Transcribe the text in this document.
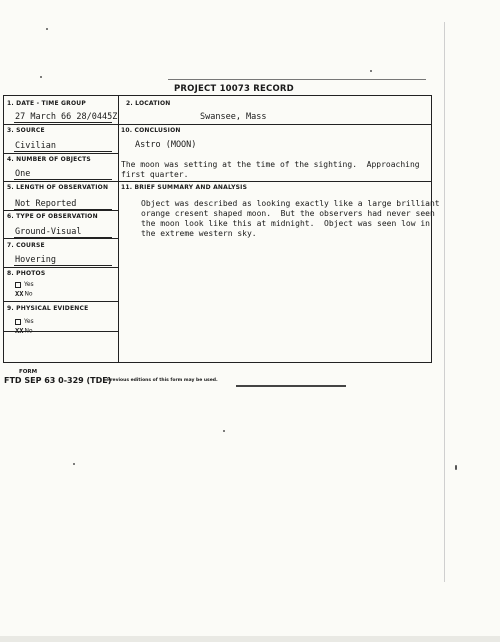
PROJECT 10073 RECORD
1. DATE - TIME GROUP
27 March 66 28/0445Z
2. LOCATION
Swansee, Mass
3. SOURCE
Civilian
10. CONCLUSION
Astro (MOON)
4. NUMBER OF OBJECTS
One
The moon was setting at the time of the sighting.  Approaching
first quarter.
5. LENGTH OF OBSERVATION
Not Reported
11. BRIEF SUMMARY AND ANALYSIS
Object was described as looking exactly like a large brilliant
orange cresent shaped moon.  But the observers had never seen
the moon look like this at midnight.  Object was seen low in
the extreme western sky.
6. TYPE OF OBSERVATION
Ground-Visual
7. COURSE
Hovering
8. PHOTOS
Yes
XXNo
9. PHYSICAL EVIDENCE
Yes
XXNo
FORM
FTD SEP 63 0-329 (TDE)
Previous editions of this form may be used.
